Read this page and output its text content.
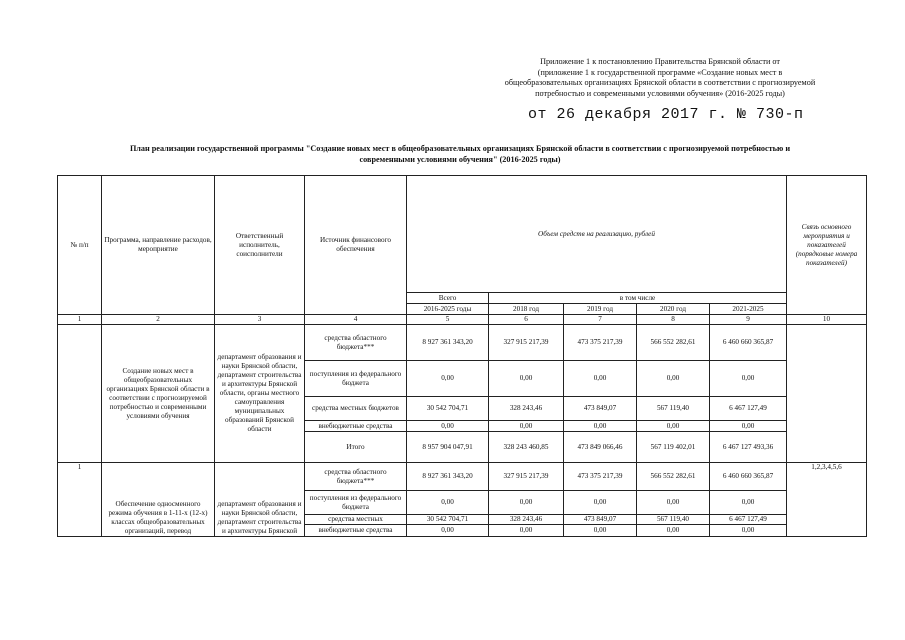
Приложение 1 к постановлению Правительства Брянской области от
(приложение 1 к государственной программе «Создание новых мест в
общеобразовательных организациях Брянской области в соответствии с прогнозируемой
потребностью и современными условиями обучения» (2016-2025 годы)
от 26 декабря 2017 г. № 730-п
План реализации государственной программы "Создание новых мест в общеобразовательных организациях Брянской области в соответствии с прогнозируемой потребностью и
современными условиями обучения" (2016-2025 годы)
№ п/п	Программа, направление расходов, мероприятие	Ответственный исполнитель, соисполнители	Источник финансового обеспечения	Объем средств на реализацию, рублей					Связь основного мероприятия и показателей (порядковые номера показателей)
				Всего	в том числе				
				2016-2025 годы	2018 год	2019 год	2020 год	2021-2025	
1	2	3	4	5	6	7	8	9	10
	Создание новых мест в общеобразовательных организациях Брянской области в соответствии с прогнозируемой потребностью и современными условиями обучения	департамент образования и науки Брянской области, департамент строительства и архитектуры Брянской области, органы местного самоуправления муниципальных образований Брянской области	средства областного бюджета***	8 927 361 343,20	327 915 217,39	473 375 217,39	566 552 282,61	6 460 660 365,87	
			поступления из федерального бюджета	0,00	0,00	0,00	0,00	0,00	
			средства местных бюджетов	30 542 704,71	328 243,46	473 849,07	567 119,40	6 467 127,49	
			внебюджетные средства	0,00	0,00	0,00	0,00	0,00	
			Итого	8 957 904 047,91	328 243 460,85	473 849 066,46	567 119 402,01	6 467 127 493,36	
1	Обеспечение односменного режима обучения в 1-11-х (12-х) классах общеобразовательных организаций, перевод	департамент образования и науки Брянской области, департамент строительства и архитектуры Брянской	средства областного бюджета***	8 927 361 343,20	327 915 217,39	473 375 217,39	566 552 282,61	6 460 660 365,87	1,2,3,4,5,6
			поступления из федерального бюджета	0,00	0,00	0,00	0,00	0,00	
			средства местных	30 542 704,71	328 243,46	473 849,07	567 119,40	6 467 127,49	
			внебюджетные средства	0,00	0,00	0,00	0,00	0,00	
